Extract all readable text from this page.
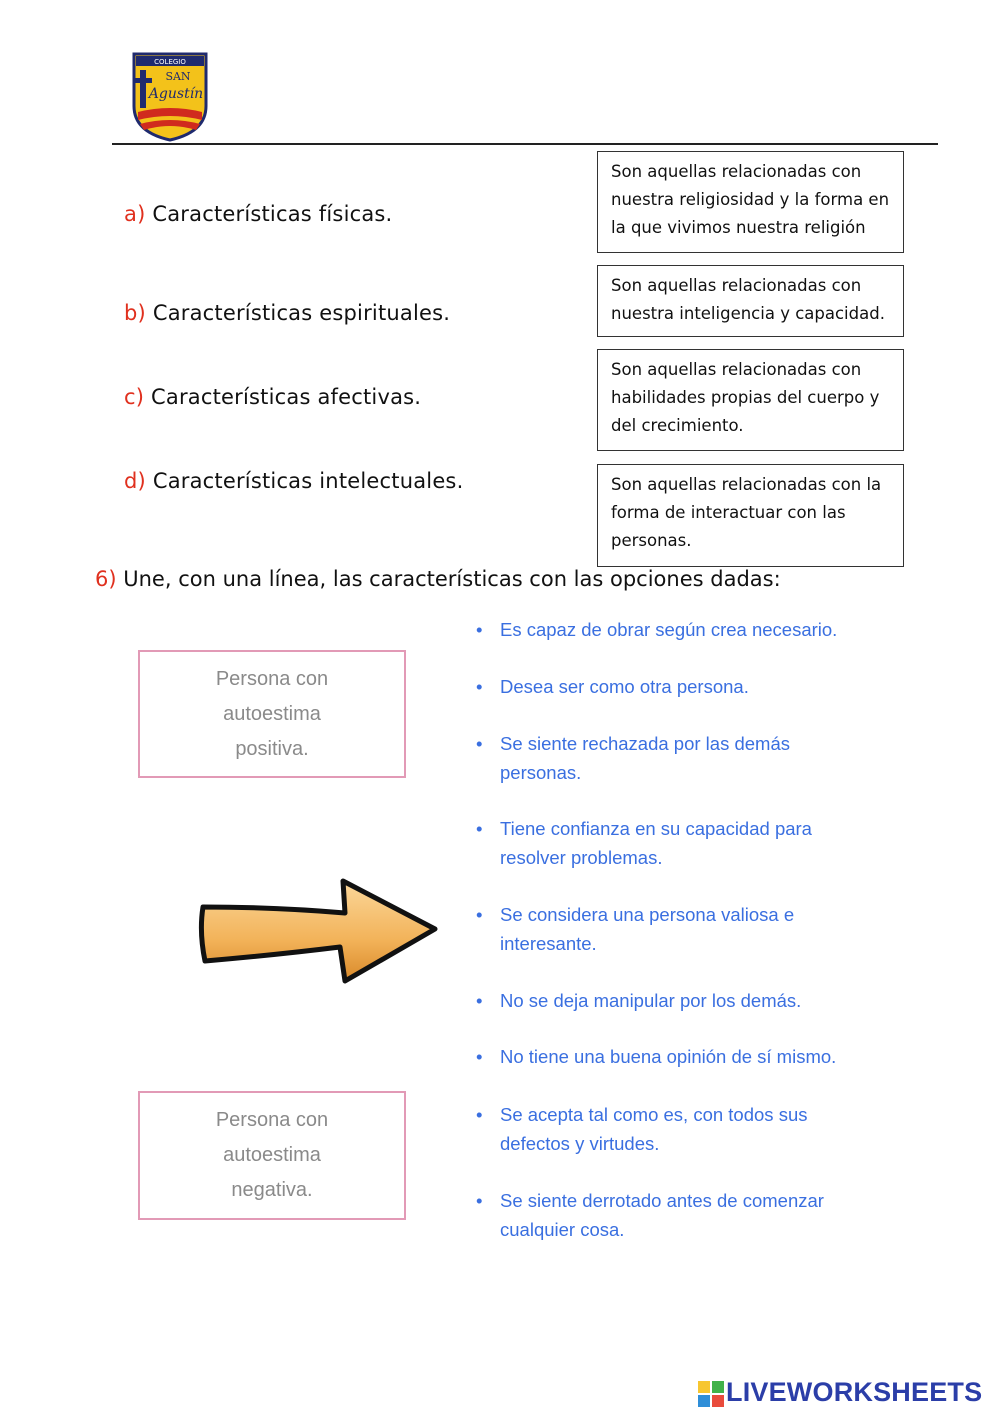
COLEGIO
SAN
Agustín
a) Características físicas.
b) Características espirituales.
c) Características afectivas.
d) Características intelectuales.
Son aquellas relacionadas con nuestra religiosidad y la forma en la que vivimos nuestra religión
Son aquellas relacionadas con nuestra inteligencia y capacidad.
Son aquellas relacionadas con habilidades propias del cuerpo y del crecimiento.
Son aquellas relacionadas con la forma de interactuar con las personas.
6) Une, con una línea, las características con las opciones dadas:
Persona con
autoestima
positiva.
Persona con
autoestima
negativa.
• Es capaz de obrar según crea necesario.
• Desea ser como otra persona.
• Se siente rechazada por las demás personas.
• Tiene confianza en su capacidad para resolver problemas.
• Se considera una persona valiosa e interesante.
• No se deja manipular por los demás.
• No tiene una buena opinión de sí mismo.
• Se acepta tal como es, con todos sus defectos y virtudes.
• Se siente derrotado antes de comenzar cualquier cosa.
LIVEWORKSHEETS
